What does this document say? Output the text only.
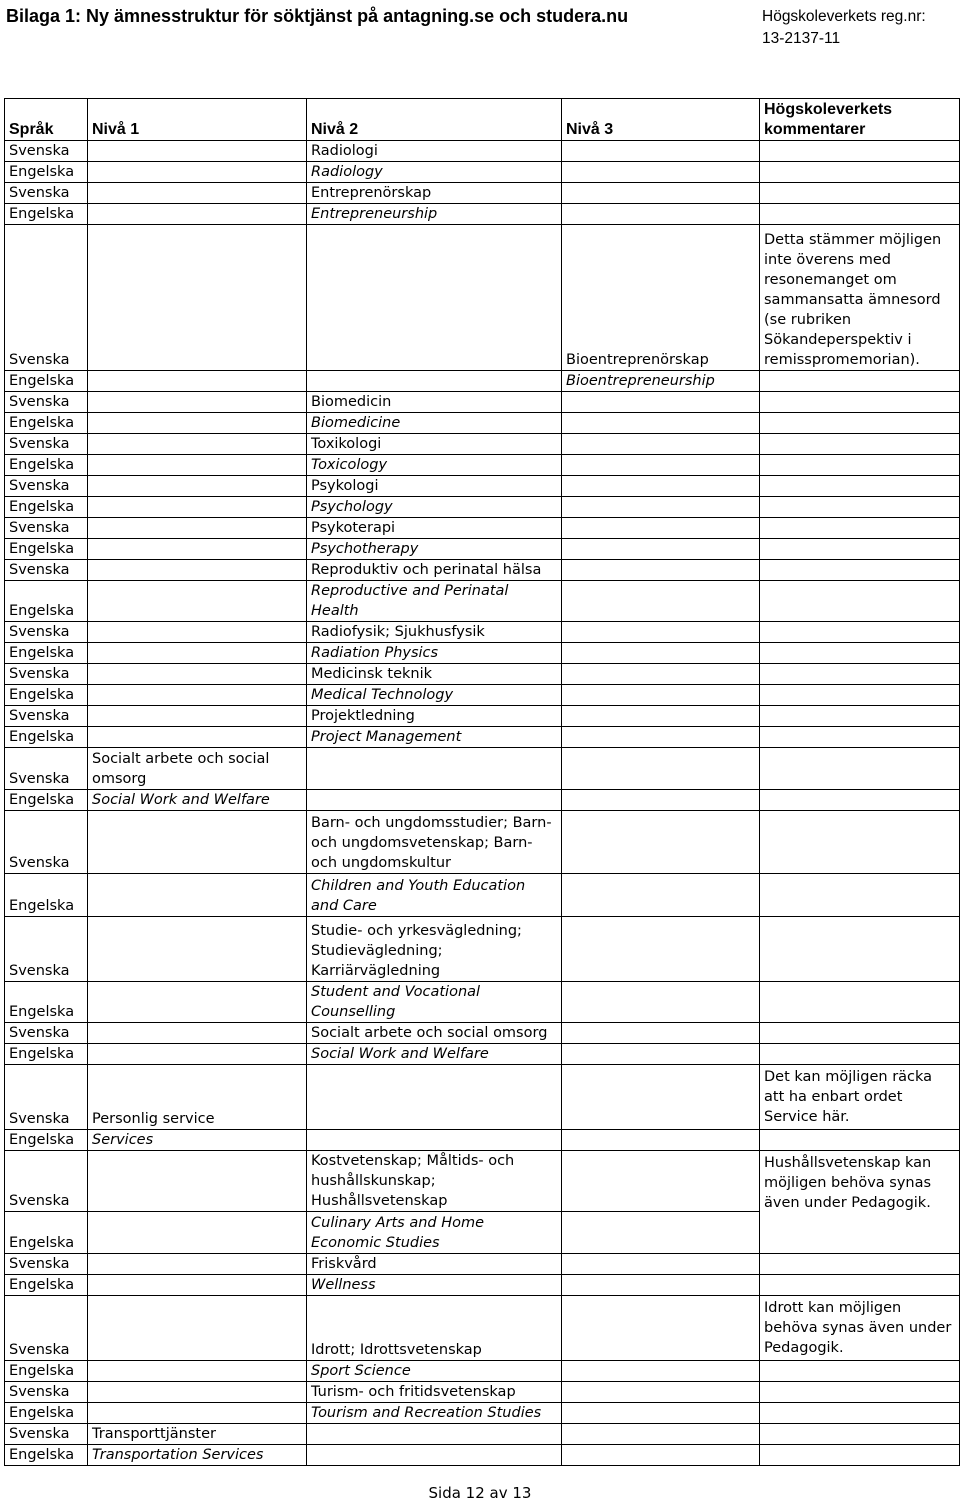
Bilaga 1: Ny ämnesstruktur för söktjänst på antagning.se och studera.nu	Högskoleverkets reg.nr:
13-2137-11
Språk	Nivå 1	Nivå 2	Nivå 3	Högskoleverkets kommentarer
Svenska		Radiologi		
Engelska		Radiology		
Svenska		Entreprenörskap		
Engelska		Entrepreneurship		
Svenska			Bioentreprenörskap	Detta stämmer möjligen inte överens med resonemanget om sammansatta ämnesord (se rubriken Sökandeperspektiv i remisspromemorian).
Engelska			Bioentrepreneurship	
Svenska		Biomedicin		
Engelska		Biomedicine		
Svenska		Toxikologi		
Engelska		Toxicology		
Svenska		Psykologi		
Engelska		Psychology		
Svenska		Psykoterapi		
Engelska		Psychotherapy		
Svenska		Reproduktiv och perinatal hälsa		
Engelska		Reproductive and Perinatal Health		
Svenska		Radiofysik; Sjukhusfysik		
Engelska		Radiation Physics		
Svenska		Medicinsk teknik		
Engelska		Medical Technology		
Svenska		Projektledning		
Engelska		Project Management		
Svenska	Socialt arbete och social omsorg			
Engelska	Social Work and Welfare			
Svenska		Barn- och ungdomsstudier; Barn- och ungdomsvetenskap; Barn- och ungdomskultur		
Engelska		Children and Youth Education and Care		
Svenska		Studie- och yrkesvägledning; Studievägledning; Karriärvägledning		
Engelska		Student and Vocational Counselling		
Svenska		Socialt arbete och social omsorg		
Engelska		Social Work and Welfare		
Svenska	Personlig service			Det kan möjligen räcka att ha enbart ordet Service här.
Engelska	Services			
Svenska		Kostvetenskap; Måltids- och hushållskunskap; Hushållsvetenskap		Hushållsvetenskap kan möjligen behöva synas även under Pedagogik.
Engelska		Culinary Arts and Home Economic Studies		
Svenska		Friskvård		
Engelska		Wellness		
Svenska		Idrott; Idrottsvetenskap		Idrott kan möjligen behöva synas även under Pedagogik.
Engelska		Sport Science		
Svenska		Turism- och fritidsvetenskap		
Engelska		Tourism and Recreation Studies		
Svenska	Transporttjänster			
Engelska	Transportation Services			
Sida 12 av 13
